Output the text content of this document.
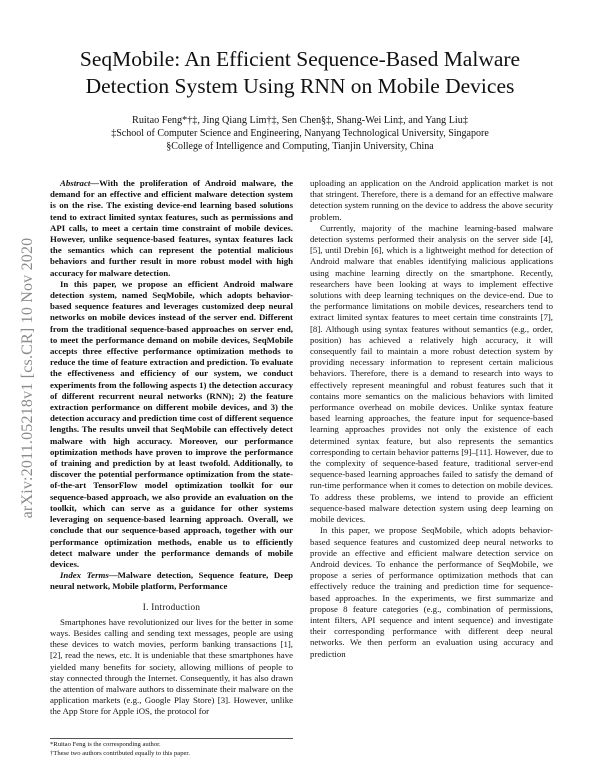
SeqMobile: An Efficient Sequence-Based Malware Detection System Using RNN on Mobile Devices
Ruitao Feng*†‡, Jing Qiang Lim†‡, Sen Chen§‡, Shang-Wei Lin‡, and Yang Liu‡
‡School of Computer Science and Engineering, Nanyang Technological University, Singapore
§College of Intelligence and Computing, Tianjin University, China
arXiv:2011.05218v1 [cs.CR] 10 Nov 2020

Abstract—With the proliferation of Android malware, the demand for an effective and efficient malware detection system is on the rise. The existing device-end learning based solutions tend to extract limited syntax features, such as permissions and API calls, to meet a certain time constraint of mobile devices. However, unlike sequence-based features, syntax features lack the semantics which can represent the potential malicious behaviors and further result in more robust model with high accuracy for malware detection.

In this paper, we propose an efficient Android malware detection system, named SeqMobile, which adopts behavior-based sequence features and leverages customized deep neural networks on mobile devices instead of the server end. Different from the traditional sequence-based approaches on server end, to meet the performance demand on mobile devices, SeqMobile accepts three effective performance optimization methods to reduce the time of feature extraction and prediction. To evaluate the effectiveness and efficiency of our system, we conduct experiments from the following aspects 1) the detection accuracy of different recurrent neural networks (RNN); 2) the feature extraction performance on different mobile devices, and 3) the detection accuracy and prediction time cost of different sequence lengths. The results unveil that SeqMobile can effectively detect malware with high accuracy. Moreover, our performance optimization methods have proven to improve the performance of training and prediction by at least twofold. Additionally, to discover the potential performance optimization from the state-of-the-art TensorFlow model optimization toolkit for our sequence-based approach, we also provide an evaluation on the toolkit, which can serve as a guidance for other systems leveraging on sequence-based learning approach. Overall, we conclude that our sequence-based approach, together with our performance optimization methods, enable us to efficiently detect malware under the performance demands of mobile devices.

Index Terms—Malware detection, Sequence feature, Deep neural network, Mobile platform, Performance

I. Introduction

Smartphones have revolutionized our lives for the better in some ways. Besides calling and sending text messages, people are using these devices to watch movies, perform banking transactions [1], [2], read the news, etc. It is undeniable that these smartphones have yielded many benefits for society, allowing millions of people to stay connected through the Internet. Consequently, it has also drawn the attention of malware authors to disseminate their malware on the application markets (e.g., Google Play Store) [3]. However, unlike the App Store for Apple iOS, the protocol for

*Ruitao Feng is the corresponding author.
†These two authors contributed equally to this paper.

uploading an application on the Android application market is not that stringent. Therefore, there is a demand for an effective malware detection system running on the device to address the above security problem.

Currently, majority of the machine learning-based malware detection systems performed their analysis on the server side [4], [5], until Drebin [6], which is a lightweight method for detection of Android malware that enables identifying malicious applications using machine learning directly on the smartphone. Recently, researchers have been looking at ways to implement effective solutions with deep learning techniques on the device-end. Due to the performance limitations on mobile devices, researchers tend to extract limited syntax features to meet certain time constraints [7], [8]. Although using syntax features without semantics (e.g., order, position) has achieved a relatively high accuracy, it will consequently fail to maintain a more robust detection system by providing necessary information to represent certain malicious behaviors. Therefore, there is a demand to research into ways to effectively represent meaningful and robust features such that it contains more semantics on the malicious behaviors with limited performance overhead on mobile devices. Unlike syntax feature based learning approaches, the feature input for sequence-based learning approaches provides not only the existence of each determined syntax feature, but also represents the semantics corresponding to certain behavior patterns [9]–[11]. However, due to the complexity of sequence-based feature, traditional server-end sequence-based learning approaches failed to satisfy the demand of run-time performance when it comes to detection on mobile devices. To address these problems, we intend to provide an efficient sequence-based malware detection system using deep learning on mobile devices.

In this paper, we propose SeqMobile, which adopts behavior-based sequence features and customized deep neural networks to provide an effective and efficient malware detection service on Android devices. To enhance the performance of SeqMobile, we propose a series of performance optimization methods that can effectively reduce the training and prediction time for sequence-based approaches. In the experiments, we first summarize and propose 8 feature categories (e.g., combination of permissions, intent filters, API sequence and intent sequence) and investigate their corresponding performance with different deep neural networks. We then perform an evaluation using accuracy and prediction
